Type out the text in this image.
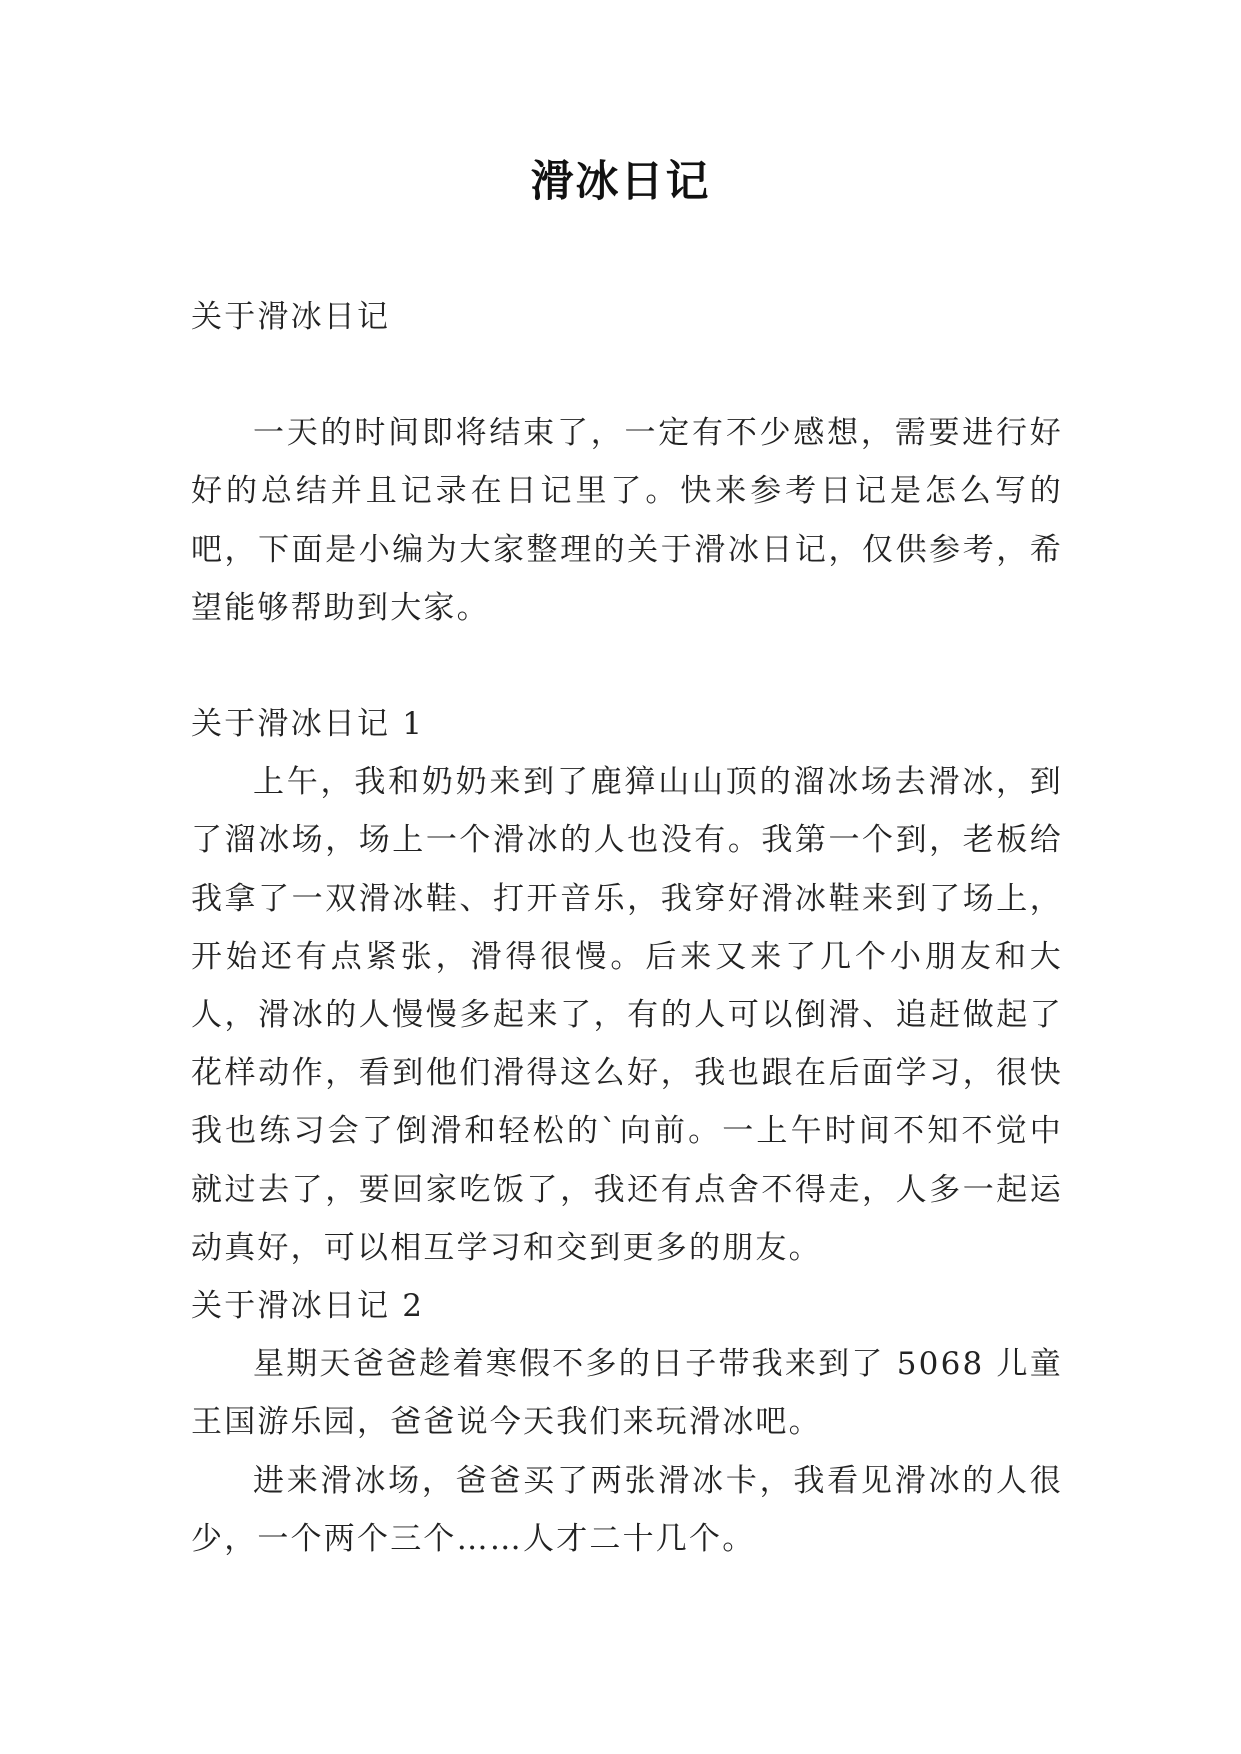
滑冰日记

关于滑冰日记

一天的时间即将结束了，一定有不少感想，需要进行好好的总结并且记录在日记里了。快来参考日记是怎么写的吧，下面是小编为大家整理的关于滑冰日记，仅供参考，希望能够帮助到大家。

关于滑冰日记 1

上午，我和奶奶来到了鹿獐山山顶的溜冰场去滑冰，到了溜冰场，场上一个滑冰的人也没有。我第一个到，老板给我拿了一双滑冰鞋、打开音乐，我穿好滑冰鞋来到了场上，开始还有点紧张，滑得很慢。后来又来了几个小朋友和大人，滑冰的人慢慢多起来了，有的人可以倒滑、追赶做起了花样动作，看到他们滑得这么好，我也跟在后面学习，很快我也练习会了倒滑和轻松的`向前。一上午时间不知不觉中就过去了，要回家吃饭了，我还有点舍不得走，人多一起运动真好，可以相互学习和交到更多的朋友。

关于滑冰日记 2

星期天爸爸趁着寒假不多的日子带我来到了 5068 儿童王国游乐园，爸爸说今天我们来玩滑冰吧。

进来滑冰场，爸爸买了两张滑冰卡，我看见滑冰的人很少，一个两个三个……人才二十几个。
